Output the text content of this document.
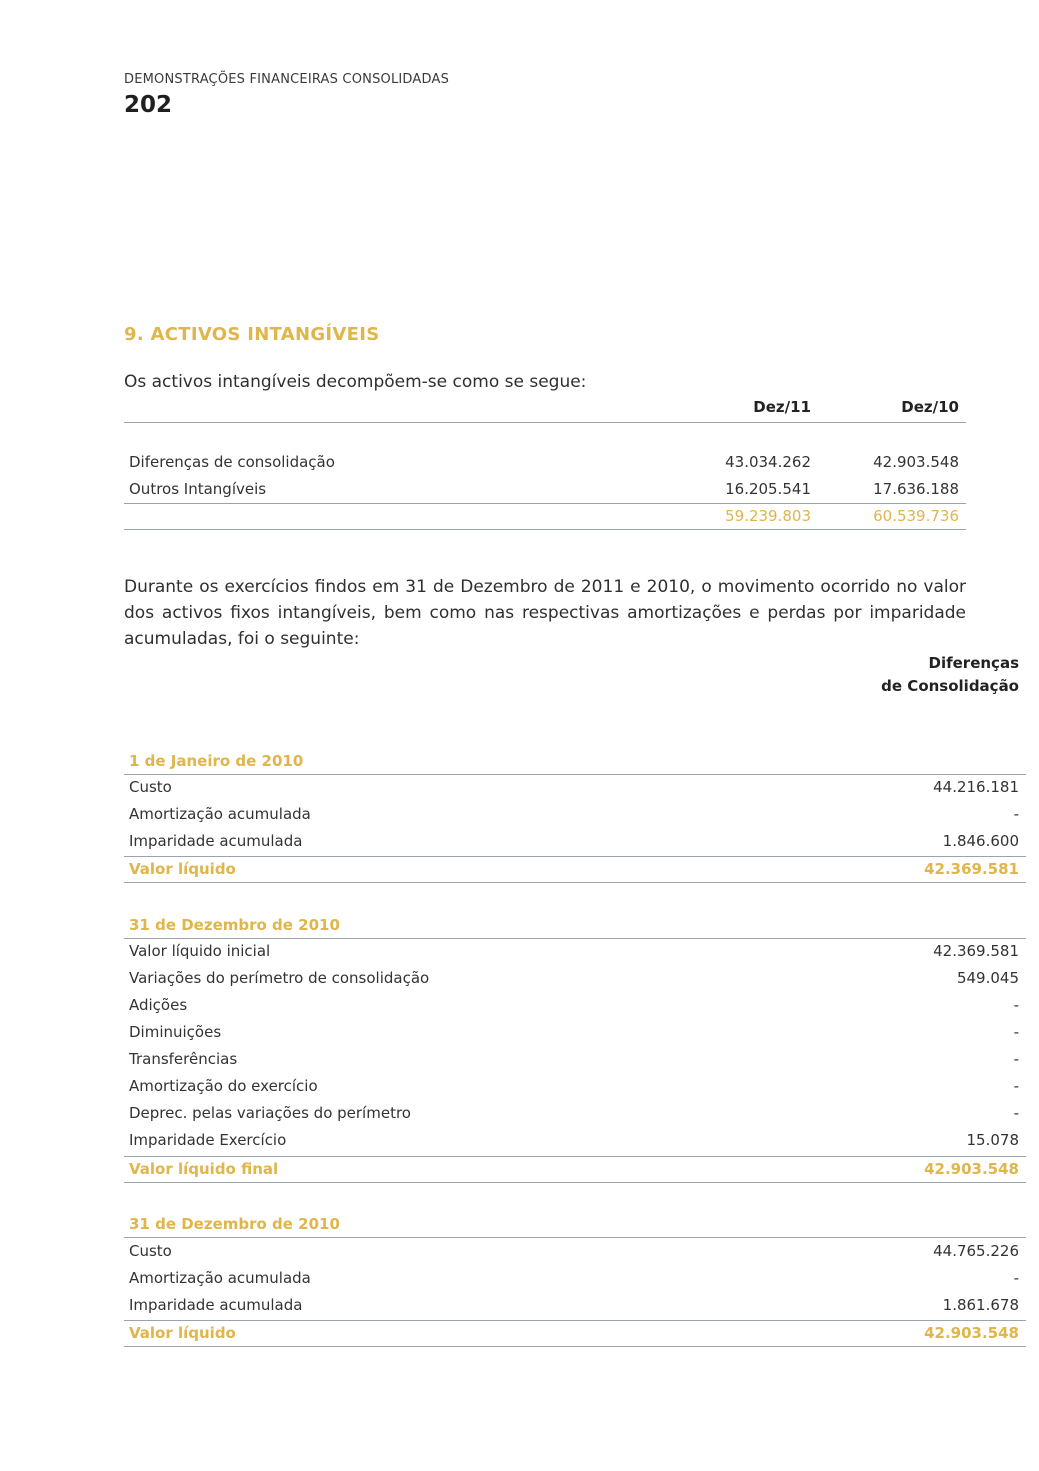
DEMONSTRAÇÕES FINANCEIRAS CONSOLIDADAS
202
9. ACTIVOS INTANGÍVEIS
Os activos intangíveis decompõem-se como se segue:
Dez/11	Dez/10
Diferenças de consolidação	43.034.262	42.903.548
Outros Intangíveis	16.205.541	17.636.188
59.239.803	60.539.736
Durante os exercícios findos em 31 de Dezembro de 2011 e 2010, o movimento ocorrido no valor dos activos fixos intangíveis, bem como nas respectivas amortizações e perdas por imparidade acumuladas, foi o seguinte:
Diferenças
de Consolidação
1 de Janeiro de 2010
Custo	44.216.181
Amortização acumulada	-
Imparidade acumulada	1.846.600
Valor líquido	42.369.581
31 de Dezembro de 2010
Valor líquido inicial	42.369.581
Variações do perímetro de consolidação	549.045
Adições	-
Diminuições	-
Transferências	-
Amortização do exercício	-
Deprec. pelas variações do perímetro	-
Imparidade Exercício	15.078
Valor líquido final	42.903.548
31 de Dezembro de 2010
Custo	44.765.226
Amortização acumulada	-
Imparidade acumulada	1.861.678
Valor líquido	42.903.548
